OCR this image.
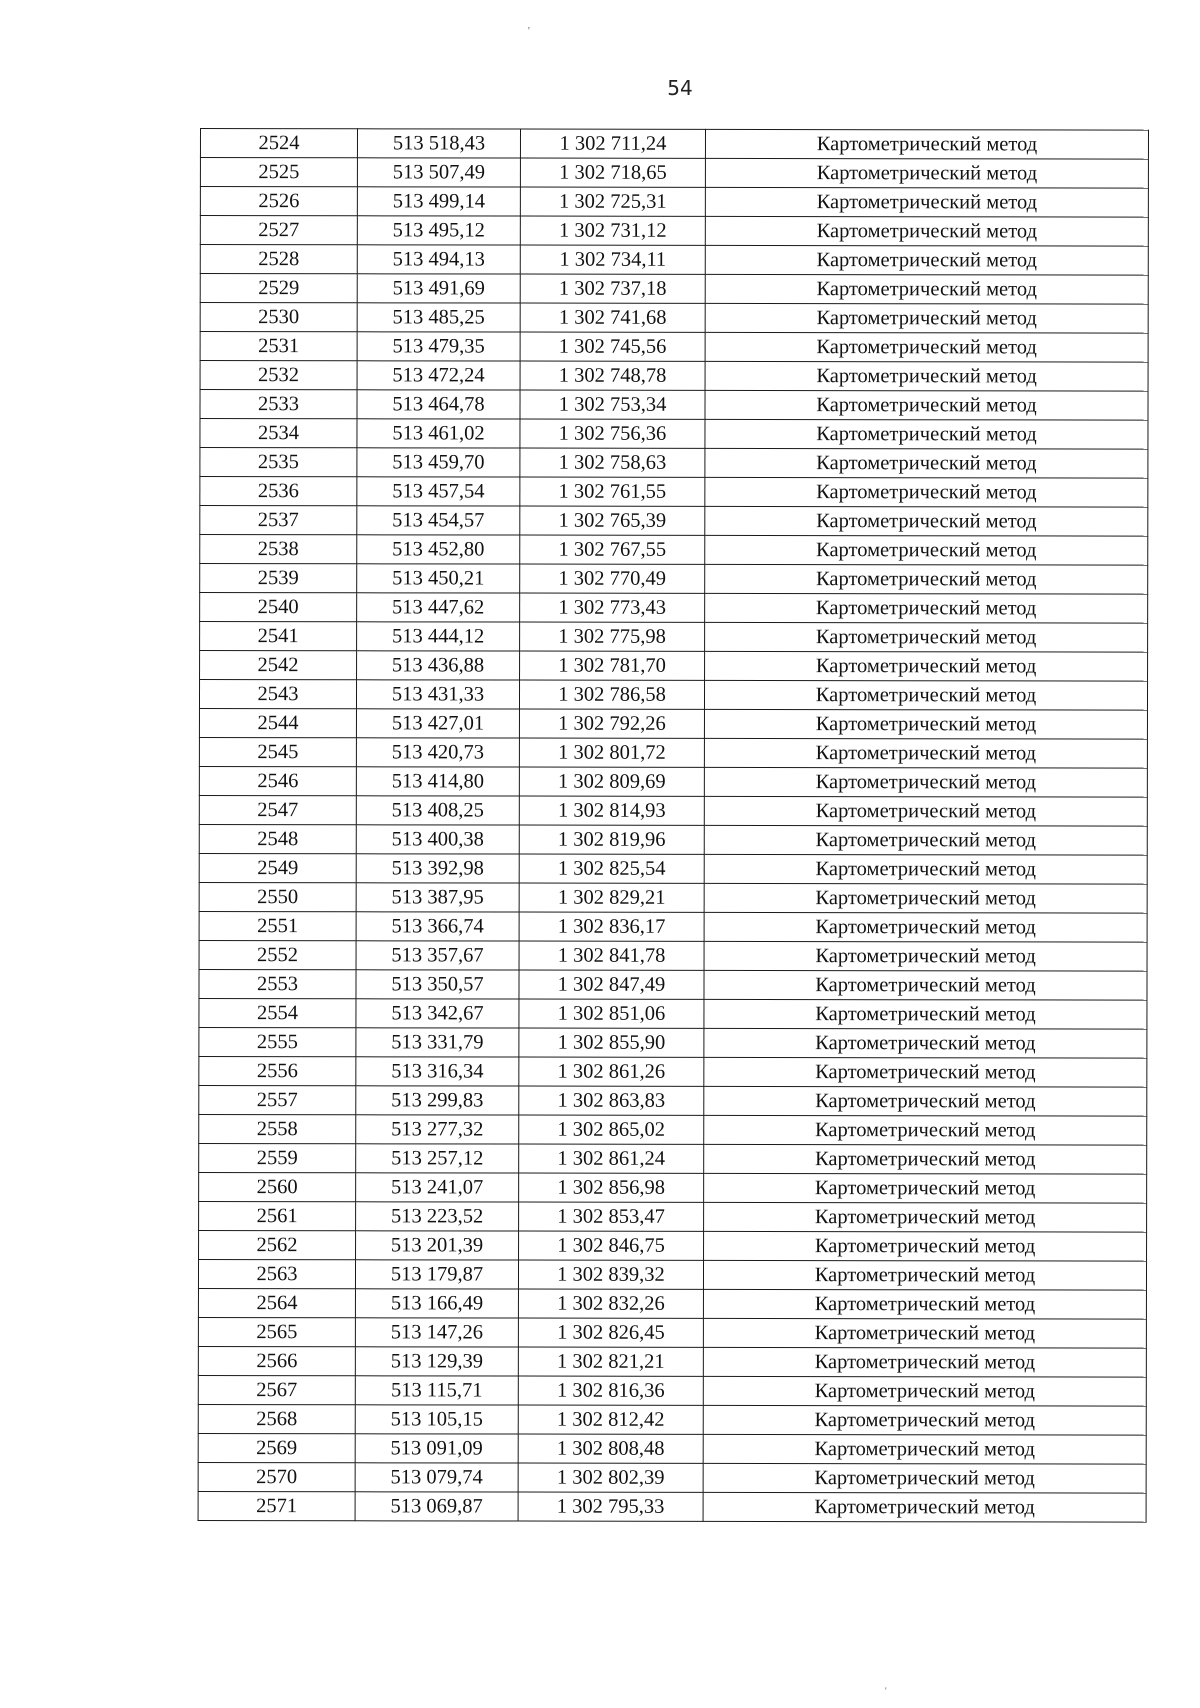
'
54
2524	513 518,43	1 302 711,24	Картометрический метод
2525	513 507,49	1 302 718,65	Картометрический метод
2526	513 499,14	1 302 725,31	Картометрический метод
2527	513 495,12	1 302 731,12	Картометрический метод
2528	513 494,13	1 302 734,11	Картометрический метод
2529	513 491,69	1 302 737,18	Картометрический метод
2530	513 485,25	1 302 741,68	Картометрический метод
2531	513 479,35	1 302 745,56	Картометрический метод
2532	513 472,24	1 302 748,78	Картометрический метод
2533	513 464,78	1 302 753,34	Картометрический метод
2534	513 461,02	1 302 756,36	Картометрический метод
2535	513 459,70	1 302 758,63	Картометрический метод
2536	513 457,54	1 302 761,55	Картометрический метод
2537	513 454,57	1 302 765,39	Картометрический метод
2538	513 452,80	1 302 767,55	Картометрический метод
2539	513 450,21	1 302 770,49	Картометрический метод
2540	513 447,62	1 302 773,43	Картометрический метод
2541	513 444,12	1 302 775,98	Картометрический метод
2542	513 436,88	1 302 781,70	Картометрический метод
2543	513 431,33	1 302 786,58	Картометрический метод
2544	513 427,01	1 302 792,26	Картометрический метод
2545	513 420,73	1 302 801,72	Картометрический метод
2546	513 414,80	1 302 809,69	Картометрический метод
2547	513 408,25	1 302 814,93	Картометрический метод
2548	513 400,38	1 302 819,96	Картометрический метод
2549	513 392,98	1 302 825,54	Картометрический метод
2550	513 387,95	1 302 829,21	Картометрический метод
2551	513 366,74	1 302 836,17	Картометрический метод
2552	513 357,67	1 302 841,78	Картометрический метод
2553	513 350,57	1 302 847,49	Картометрический метод
2554	513 342,67	1 302 851,06	Картометрический метод
2555	513 331,79	1 302 855,90	Картометрический метод
2556	513 316,34	1 302 861,26	Картометрический метод
2557	513 299,83	1 302 863,83	Картометрический метод
2558	513 277,32	1 302 865,02	Картометрический метод
2559	513 257,12	1 302 861,24	Картометрический метод
2560	513 241,07	1 302 856,98	Картометрический метод
2561	513 223,52	1 302 853,47	Картометрический метод
2562	513 201,39	1 302 846,75	Картометрический метод
2563	513 179,87	1 302 839,32	Картометрический метод
2564	513 166,49	1 302 832,26	Картометрический метод
2565	513 147,26	1 302 826,45	Картометрический метод
2566	513 129,39	1 302 821,21	Картометрический метод
2567	513 115,71	1 302 816,36	Картометрический метод
2568	513 105,15	1 302 812,42	Картометрический метод
2569	513 091,09	1 302 808,48	Картометрический метод
2570	513 079,74	1 302 802,39	Картометрический метод
2571	513 069,87	1 302 795,33	Картометрический метод
'
